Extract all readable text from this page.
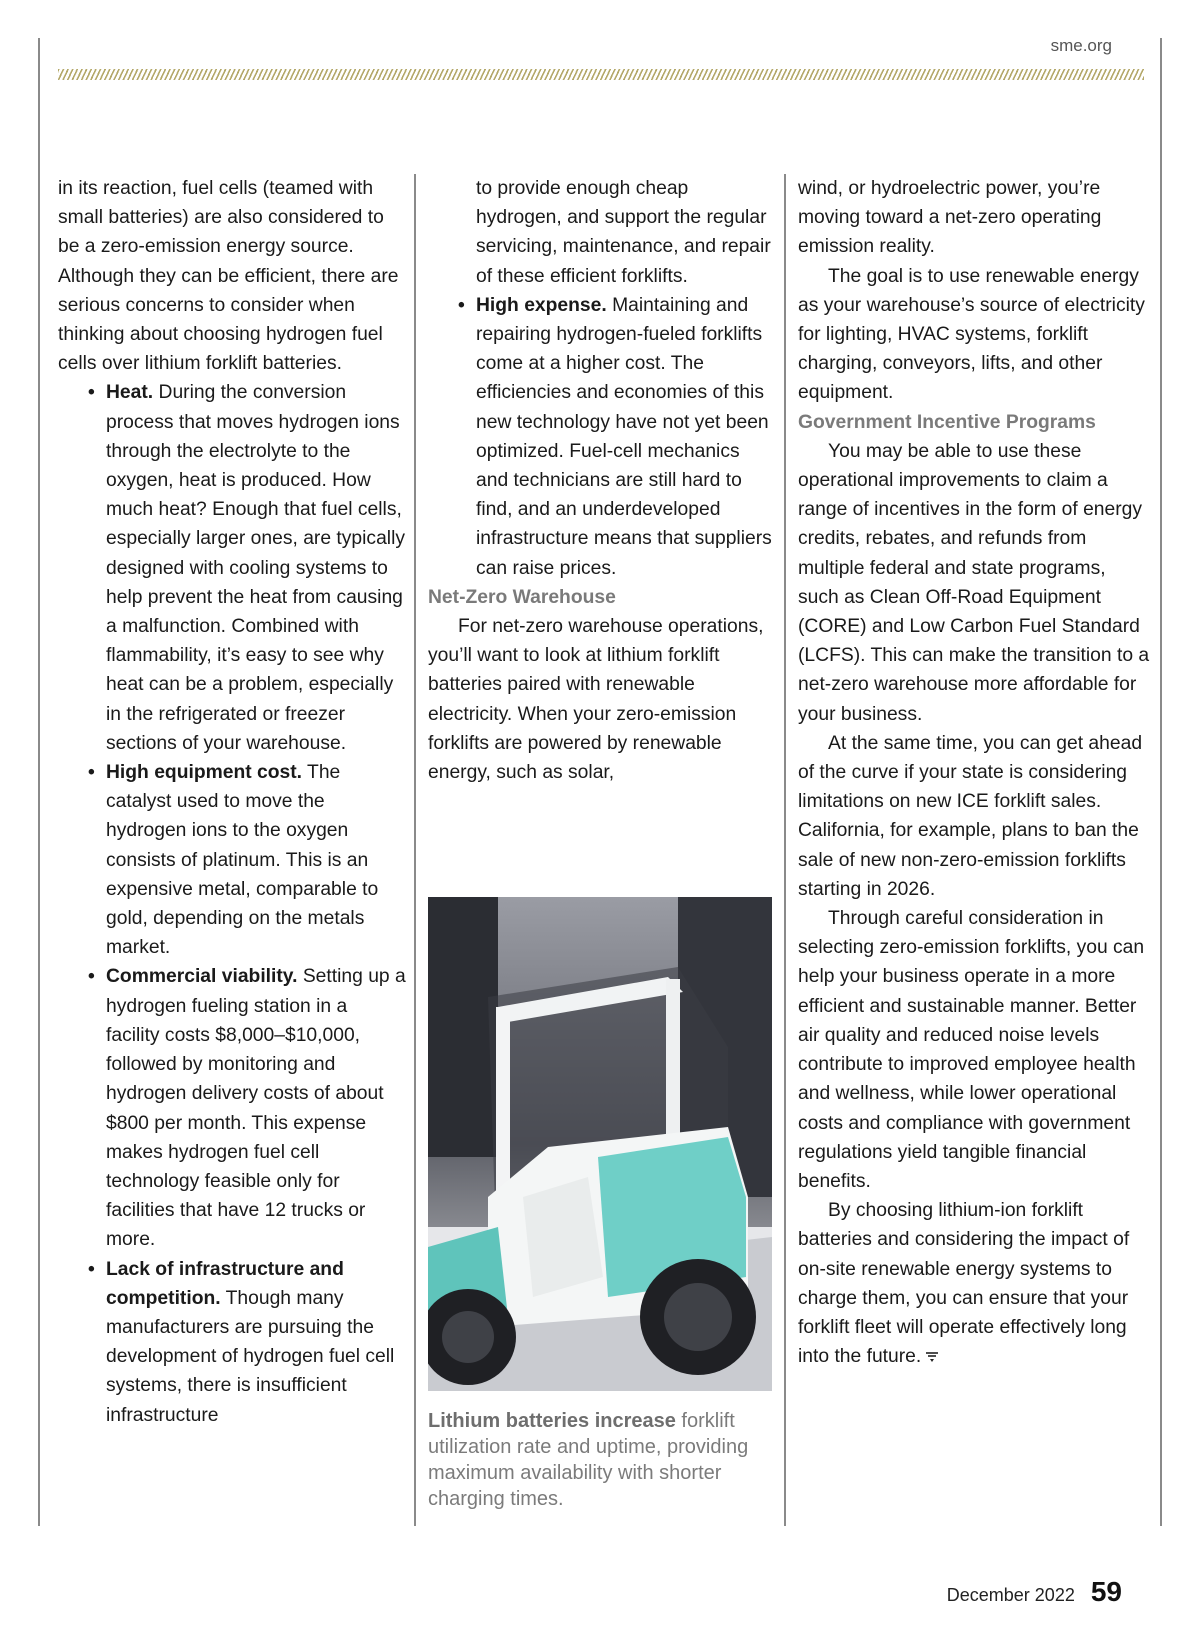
sme.org

in its reaction, fuel cells (teamed with small batteries) are also considered to be a zero-emission energy source. Although they can be efficient, there are serious concerns to consider when thinking about choosing hydrogen fuel cells over lithium forklift batteries.

• Heat. During the conversion process that moves hydrogen ions through the electrolyte to the oxygen, heat is produced. How much heat? Enough that fuel cells, especially larger ones, are typically designed with cooling systems to help prevent the heat from causing a malfunction. Combined with flammability, it’s easy to see why heat can be a problem, especially in the refrigerated or freezer sections of your warehouse.
• High equipment cost. The catalyst used to move the hydrogen ions to the oxygen consists of platinum. This is an expensive metal, comparable to gold, depending on the metals market.
• Commercial viability. Setting up a hydrogen fueling station in a facility costs $8,000–$10,000, followed by monitoring and hydrogen delivery costs of about $800 per month. This expense makes hydrogen fuel cell technology feasible only for facilities that have 12 trucks or more.
• Lack of infrastructure and competition. Though many manufacturers are pursuing the development of hydrogen fuel cell systems, there is insufficient infrastructure

to provide enough cheap hydrogen, and support the regular servicing, maintenance, and repair of these efficient forklifts.

• High expense. Maintaining and repairing hydrogen-fueled forklifts come at a higher cost. The efficiencies and economies of this new technology have not yet been optimized. Fuel-cell mechanics and technicians are still hard to find, and an underdeveloped infrastructure means that suppliers can raise prices.

Net-Zero Warehouse

For net-zero warehouse operations, you’ll want to look at lithium forklift batteries paired with renewable electricity. When your zero-emission forklifts are powered by renewable energy, such as solar,

Lithium batteries increase forklift utilization rate and uptime, providing maximum availability with shorter charging times.

wind, or hydroelectric power, you’re moving toward a net-zero operating emission reality.

The goal is to use renewable energy as your warehouse’s source of electricity for lighting, HVAC systems, forklift charging, conveyors, lifts, and other equipment.

Government Incentive Programs

You may be able to use these operational improvements to claim a range of incentives in the form of energy credits, rebates, and refunds from multiple federal and state programs, such as Clean Off-Road Equipment (CORE) and Low Carbon Fuel Standard (LCFS). This can make the transition to a net-zero warehouse more affordable for your business.

At the same time, you can get ahead of the curve if your state is considering limitations on new ICE forklift sales. California, for example, plans to ban the sale of new non-zero-emission forklifts starting in 2026.

Through careful consideration in selecting zero-emission forklifts, you can help your business operate in a more efficient and sustainable manner. Better air quality and reduced noise levels contribute to improved employee health and wellness, while lower operational costs and compliance with government regulations yield tangible financial benefits.

By choosing lithium-ion forklift batteries and considering the impact of on-site renewable energy systems to charge them, you can ensure that your forklift fleet will operate effectively long into the future.

December 2022 59
